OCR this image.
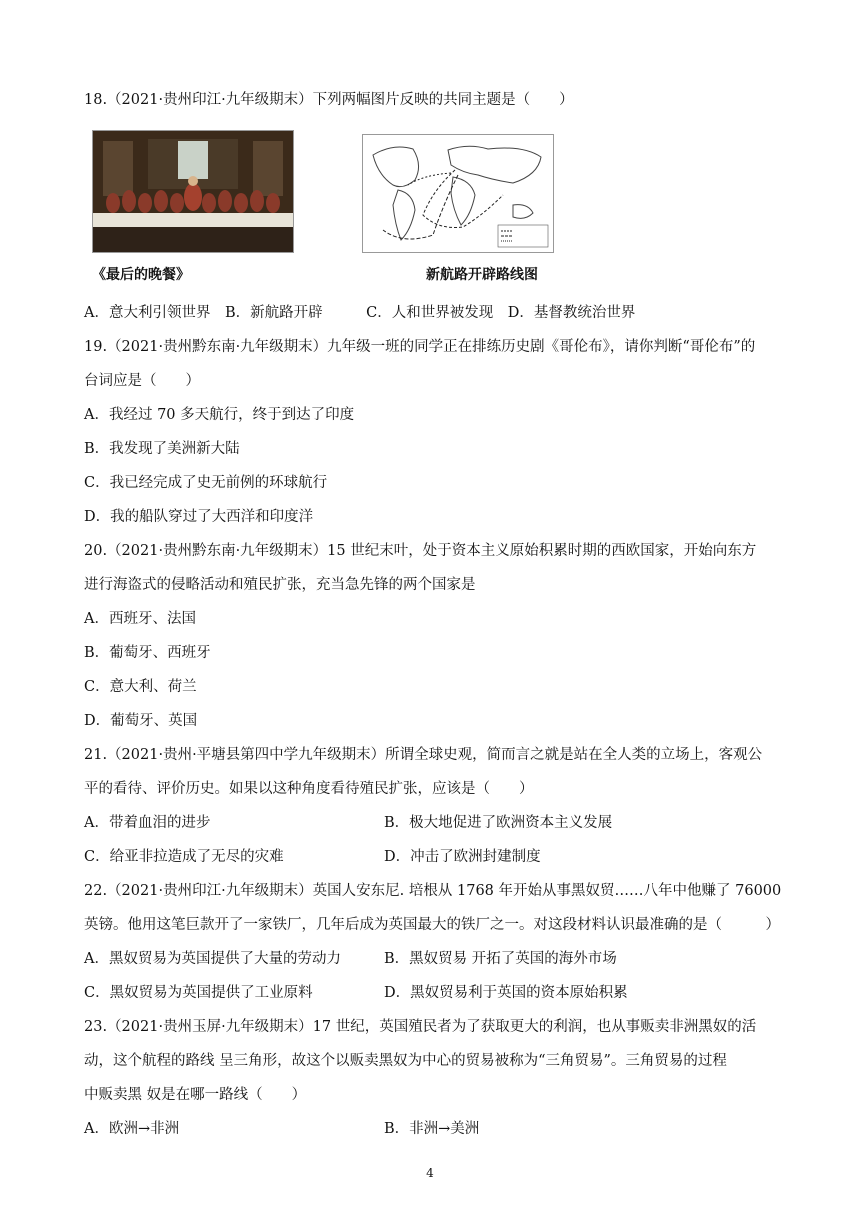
18.（2021·贵州印江·九年级期末）下列两幅图片反映的共同主题是（　　）
《最后的晚餐》	新航路开辟路线图
A．意大利引领世界　B．新航路开辟　　　C．人和世界被发现　D．基督教统治世界
19.（2021·贵州黔东南·九年级期末）九年级一班的同学正在排练历史剧《哥伦布》，请你判断“哥伦布”的
台词应是（　　）
A．我经过 70 多天航行，终于到达了印度
B．我发现了美洲新大陆
C．我已经完成了史无前例的环球航行
D．我的船队穿过了大西洋和印度洋
20.（2021·贵州黔东南·九年级期末）15 世纪末叶，处于资本主义原始积累时期的西欧国家，开始向东方
进行海盗式的侵略活动和殖民扩张，充当急先锋的两个国家是
A．西班牙、法国
B．葡萄牙、西班牙
C．意大利、荷兰
D．葡萄牙、英国
21.（2021·贵州·平塘县第四中学九年级期末）所谓全球史观，简而言之就是站在全人类的立场上，客观公
平的看待、评价历史。如果以这种角度看待殖民扩张，应该是（　　）
A．带着血泪的进步	B．极大地促进了欧洲资本主义发展
C．给亚非拉造成了无尽的灾难	D．冲击了欧洲封建制度
22.（2021·贵州印江·九年级期末）英国人安东尼. 培根从 1768 年开始从事黑奴贸……八年中他赚了 76000
英镑。他用这笔巨款开了一家铁厂，几年后成为英国最大的铁厂之一。对这段材料认识最准确的是（　　　）
A．黑奴贸易为英国提供了大量的劳动力	B．黑奴贸易 开拓了英国的海外市场
C．黑奴贸易为英国提供了工业原料	D．黑奴贸易利于英国的资本原始积累
23.（2021·贵州玉屏·九年级期末）17 世纪，英国殖民者为了获取更大的利润，也从事贩卖非洲黑奴的活
动，这个航程的路线 呈三角形，故这个以贩卖黑奴为中心的贸易被称为“三角贸易”。三角贸易的过程
中贩卖黑 奴是在哪一路线（　　）
A．欧洲→非洲	B．非洲→美洲
4
